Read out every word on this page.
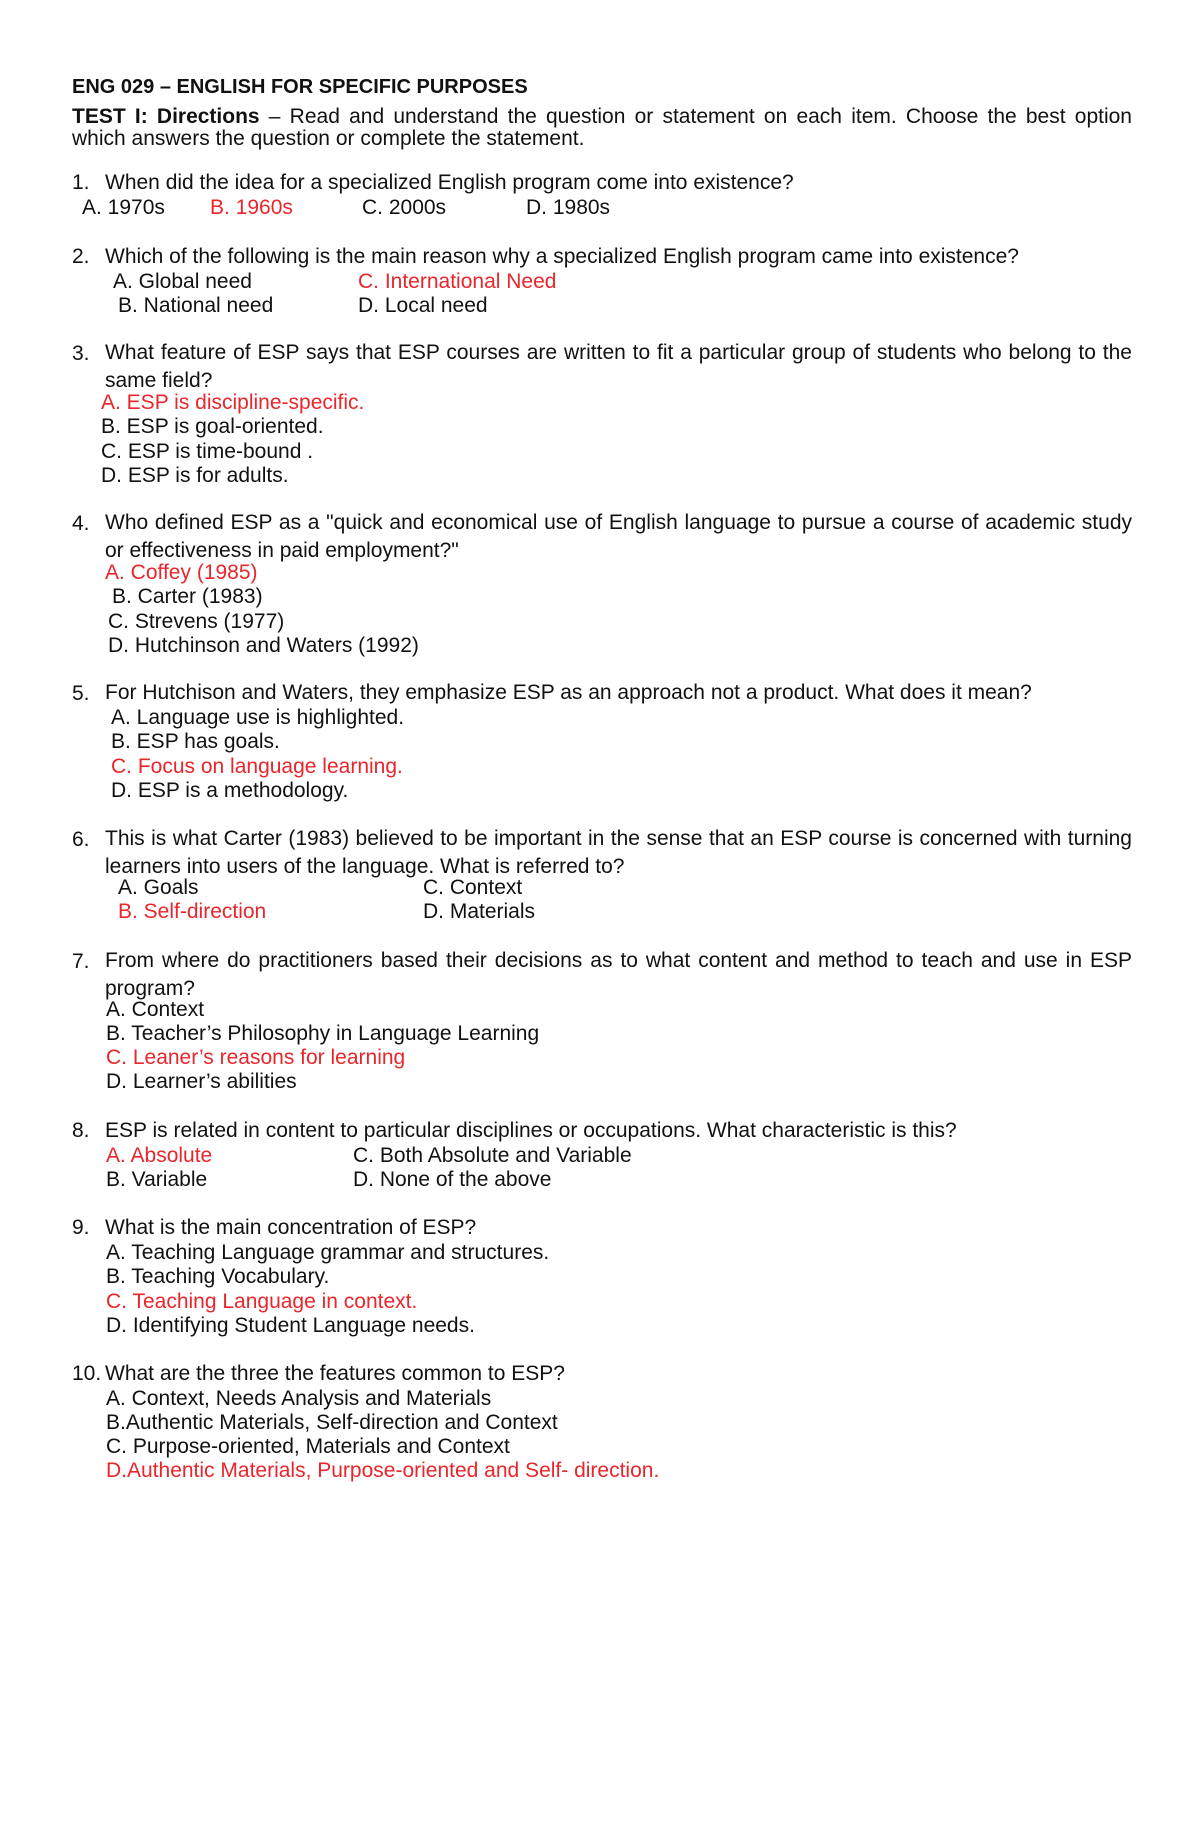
ENG 029 – ENGLISH FOR SPECIFIC PURPOSES
TEST I: Directions – Read and understand the question or statement on each item. Choose the best option which answers the question or complete the statement.
1. When did the idea for a specialized English program come into existence?
A. 1970s B. 1960s	C. 2000s	D. 1980s
2. Which of the following is the main reason why a specialized English program came into existence?
A. Global need	C. International Need
B. National need	D. Local need
3. What feature of ESP says that ESP courses are written to fit a particular group of students who belong to the same field?
A. ESP is discipline-specific.
B. ESP is goal-oriented.
C. ESP is time-bound .
D. ESP is for adults.
4. Who defined ESP as a "quick and economical use of English language to pursue a course of academic study or effectiveness in paid employment?"
A. Coffey (1985)
B. Carter (1983)
C. Strevens (1977)
D. Hutchinson and Waters (1992)
5. For Hutchison and Waters, they emphasize ESP as an approach not a product. What does it mean?
A. Language use is highlighted.
B. ESP has goals.
C. Focus on language learning.
D. ESP is a methodology.
6. This is what Carter (1983) believed to be important in the sense that an ESP course is concerned with turning learners into users of the language. What is referred to?
A. Goals	C. Context
B. Self-direction	D. Materials
7. From where do practitioners based their decisions as to what content and method to teach and use in ESP program?
A. Context
B. Teacher’s Philosophy in Language Learning
C. Leaner’s reasons for learning
D. Learner’s abilities
8. ESP is related in content to particular disciplines or occupations. What characteristic is this?
A. Absolute	C. Both Absolute and Variable
B. Variable	D. None of the above
9. What is the main concentration of ESP?
A. Teaching Language grammar and structures.
B. Teaching Vocabulary.
C. Teaching Language in context.
D. Identifying Student Language needs.
10. What are the three the features common to ESP?
A. Context, Needs Analysis and Materials
B.Authentic Materials, Self-direction and Context
C. Purpose-oriented, Materials and Context
D.Authentic Materials, Purpose-oriented and Self- direction.
